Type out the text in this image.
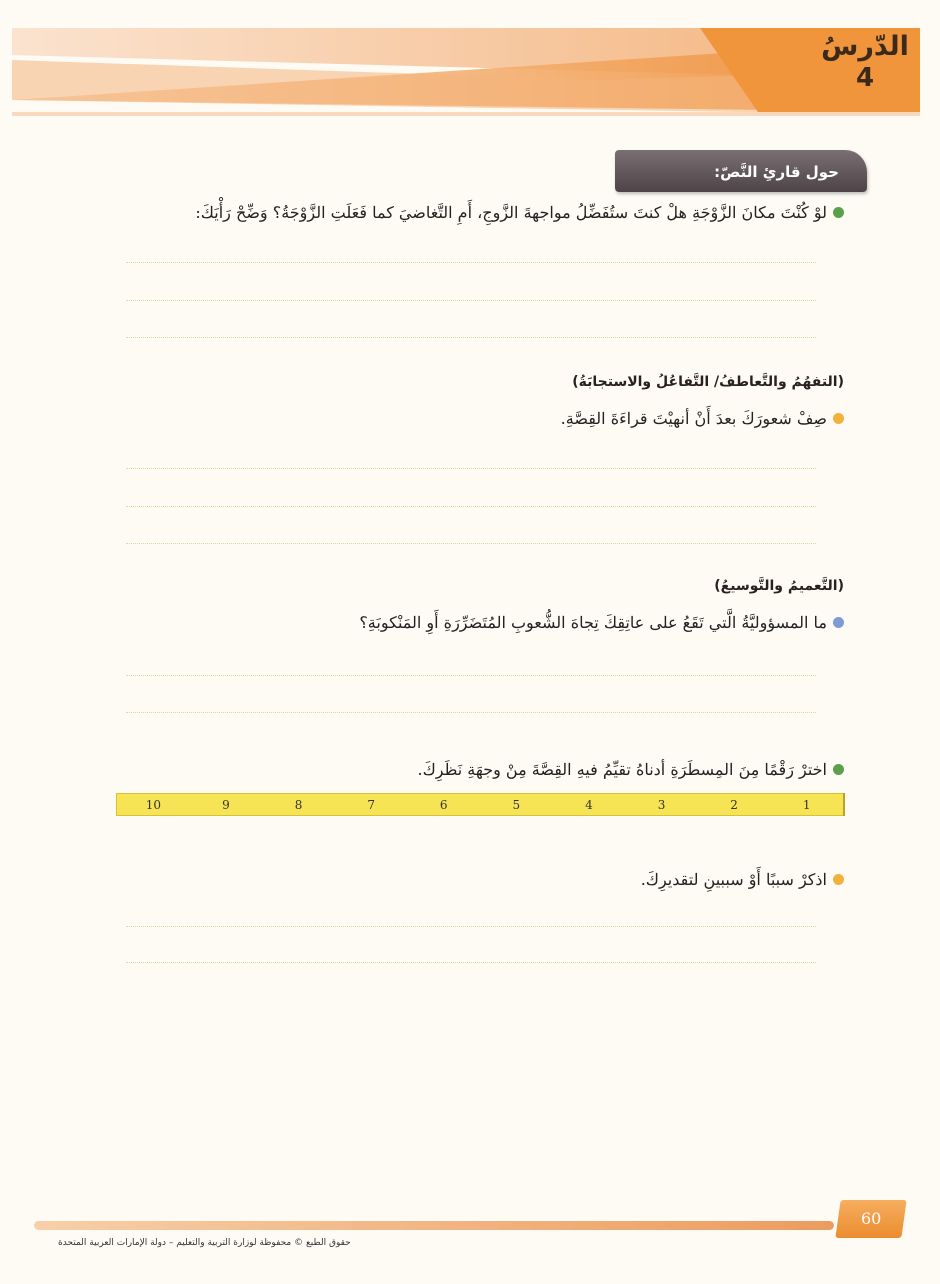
الدّرسُ
4
حول قارئِ النَّصّ:
لوْ كُنْتَ مكانَ الزَّوْجَةِ هلْ كنتَ ستُفَضِّلُ مواجهةَ الزَّوجِ، أَمِ التَّغاضيَ كما فَعَلَتِ الزَّوْجَةُ؟ وَضِّحْ رَأْيَكَ:
(التفهُمُ والتَّعاطفُ/ التَّفاعُلُ والاستجابَةُ)
صِفْ شعورَكَ بعدَ أَنْ أنهيْتَ قراءَةَ القِصَّةِ.
(التَّعميمُ والتَّوسيعُ)
ما المسؤوليَّةُ الَّتي تَقَعُ على عاتِقِكَ تِجاهَ الشُّعوبِ المُتَضَرِّرَةِ أَوِ المَنْكوبَةِ؟
اخترْ رَقْمًا مِنَ المِسطَرَةِ أدناهُ تقيِّمُ فيهِ القِصَّةَ مِنْ وجهَةِ نَظَرِكَ.
1
2
3
4
5
6
7
8
9
10
اذكرْ سببًا أَوْ سببينِ لتقديرِكَ.
60
حقوق الطبع © محفوظة لوزارة التربية والتعليم – دولة الإمارات العربية المتحدة
